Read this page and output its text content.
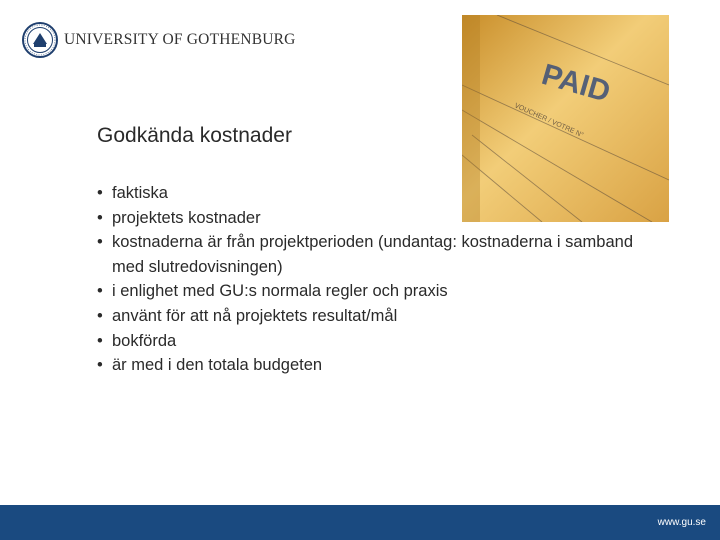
UNIVERSITY OF GOTHENBURG
VOUCHER / VOTRE N°
PAID
Godkända kostnader
• faktiska
• projektets kostnader
• kostnaderna är från projektperioden (undantag: kostnaderna i samband med slutredovisningen)
• i enlighet med GU:s normala regler och praxis
• använt för att nå projektets resultat/mål
• bokförda
• är med i den totala budgeten
www.gu.se
